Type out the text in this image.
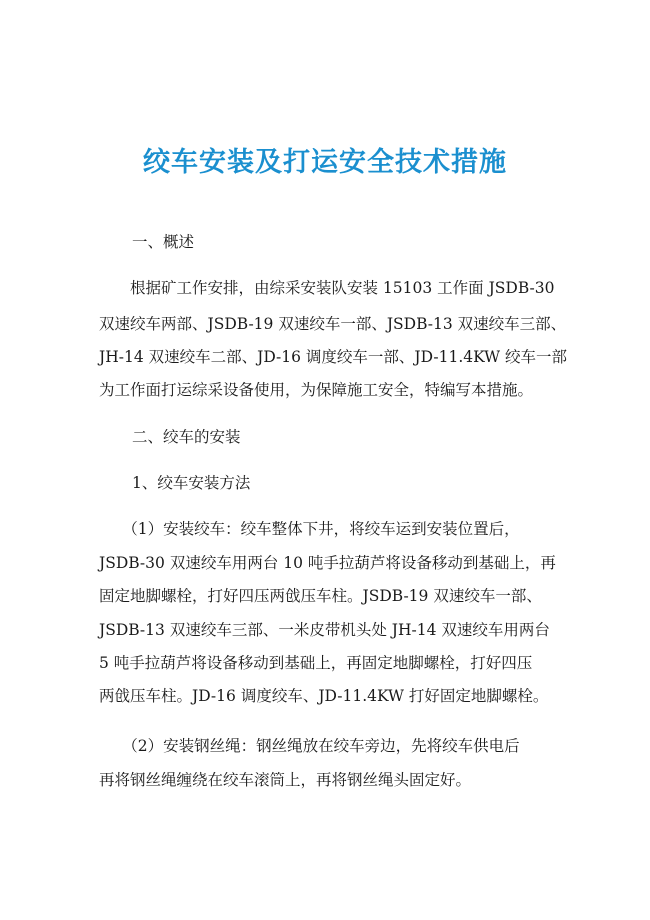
绞车安装及打运安全技术措施

一、概述

　　根据矿工作安排，由综采安装队安装 15103 工作面 JSDB-30

双速绞车两部、JSDB-19 双速绞车一部、JSDB-13 双速绞车三部、

JH-14 双速绞车二部、JD-16 调度绞车一部、JD-11.4KW 绞车一部

为工作面打运综采设备使用，为保障施工安全，特编写本措施。

二、绞车的安装

1、绞车安装方法

　　（1）安装绞车：绞车整体下井，将绞车运到安装位置后，

JSDB-30 双速绞车用两台 10 吨手拉葫芦将设备移动到基础上，再

固定地脚螺栓，打好四压两戗压车柱。JSDB-19 双速绞车一部、

JSDB-13 双速绞车三部、一米皮带机头处 JH-14 双速绞车用两台

5 吨手拉葫芦将设备移动到基础上，再固定地脚螺栓，打好四压

两戗压车柱。JD-16 调度绞车、JD-11.4KW 打好固定地脚螺栓。

　　（2）安装钢丝绳：钢丝绳放在绞车旁边，先将绞车供电后

再将钢丝绳缠绕在绞车滚筒上，再将钢丝绳头固定好。
